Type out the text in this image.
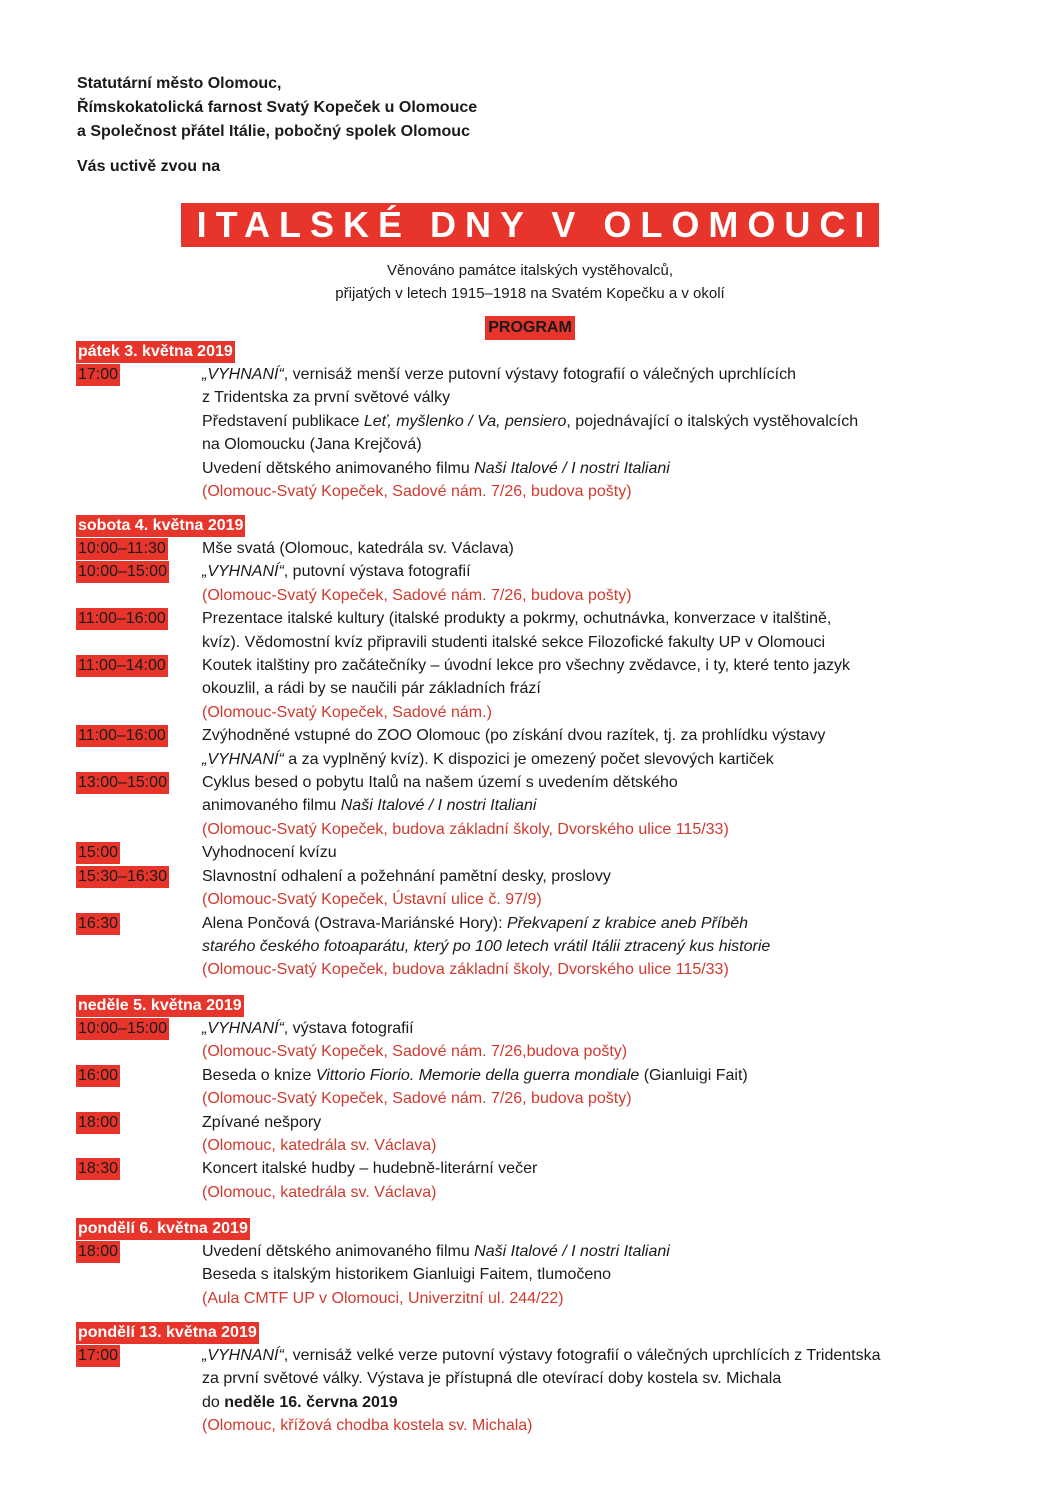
Statutární město Olomouc,
Římskokatolická farnost Svatý Kopeček u Olomouce
a Společnost přátel Itálie, pobočný spolek Olomouc
Vás uctivě zvou na
ITALSKÉ DNY V OLOMOUCI
Věnováno památce italských vystěhovalců,
přijatých v letech 1915–1918 na Svatém Kopečku a v okolí
PROGRAM
pátek 3. května 2019
17:00	„VYHNANÍ“, vernisáž menší verze putovní výstavy fotografií o válečných uprchlících
z Tridentska za první světové války
Představení publikace Leť, myšlenko / Va, pensiero, pojednávající o italských vystěhovalcích
na Olomoucku (Jana Krejčová)
Uvedení dětského animovaného filmu Naši Italové / I nostri Italiani
(Olomouc-Svatý Kopeček, Sadové nám. 7/26, budova pošty)
sobota 4. května 2019
10:00–11:30	Mše svatá (Olomouc, katedrála sv. Václava)
10:00–15:00	„VYHNANÍ“, putovní výstava fotografií
(Olomouc-Svatý Kopeček, Sadové nám. 7/26, budova pošty)
11:00–16:00	Prezentace italské kultury (italské produkty a pokrmy, ochutnávka, konverzace v italštině,
kvíz). Vědomostní kvíz připravili studenti italské sekce Filozofické fakulty UP v Olomouci
11:00–14:00	Koutek italštiny pro začátečníky – úvodní lekce pro všechny zvědavce, i ty, které tento jazyk
okouzlil, a rádi by se naučili pár základních frází
(Olomouc-Svatý Kopeček, Sadové nám.)
11:00–16:00	Zvýhodněné vstupné do ZOO Olomouc (po získání dvou razítek, tj. za prohlídku výstavy
„VYHNANÍ“ a za vyplněný kvíz). K dispozici je omezený počet slevových kartiček
13:00–15:00	Cyklus besed o pobytu Italů na našem území s uvedením dětského
animovaného filmu Naši Italové / I nostri Italiani
(Olomouc-Svatý Kopeček, budova základní školy, Dvorského ulice 115/33)
15:00	Vyhodnocení kvízu
15:30–16:30	Slavnostní odhalení a požehnání pamětní desky, proslovy
(Olomouc-Svatý Kopeček, Ústavní ulice č. 97/9)
16:30	Alena Pončová (Ostrava-Mariánské Hory): Překvapení z krabice aneb Příběh
starého českého fotoaparátu, který po 100 letech vrátil Itálii ztracený kus historie
(Olomouc-Svatý Kopeček, budova základní školy, Dvorského ulice 115/33)
neděle 5. května 2019
10:00–15:00	„VYHNANÍ“, výstava fotografií
(Olomouc-Svatý Kopeček, Sadové nám. 7/26,budova pošty)
16:00	Beseda o knize Vittorio Fiorio. Memorie della guerra mondiale (Gianluigi Fait)
(Olomouc-Svatý Kopeček, Sadové nám. 7/26, budova pošty)
18:00	Zpívané nešpory
(Olomouc, katedrála sv. Václava)
18:30	Koncert italské hudby – hudebně-literární večer
(Olomouc, katedrála sv. Václava)
pondělí 6. května 2019
18:00	Uvedení dětského animovaného filmu Naši Italové / I nostri Italiani
Beseda s italským historikem Gianluigi Faitem, tlumočeno
(Aula CMTF UP v Olomouci, Univerzitní ul. 244/22)
pondělí 13. května 2019
17:00	„VYHNANÍ“, vernisáž velké verze putovní výstavy fotografií o válečných uprchlících z Tridentska
za první světové války. Výstava je přístupná dle otevírací doby kostela sv. Michala
do neděle 16. června 2019
(Olomouc, křížová chodba kostela sv. Michala)
